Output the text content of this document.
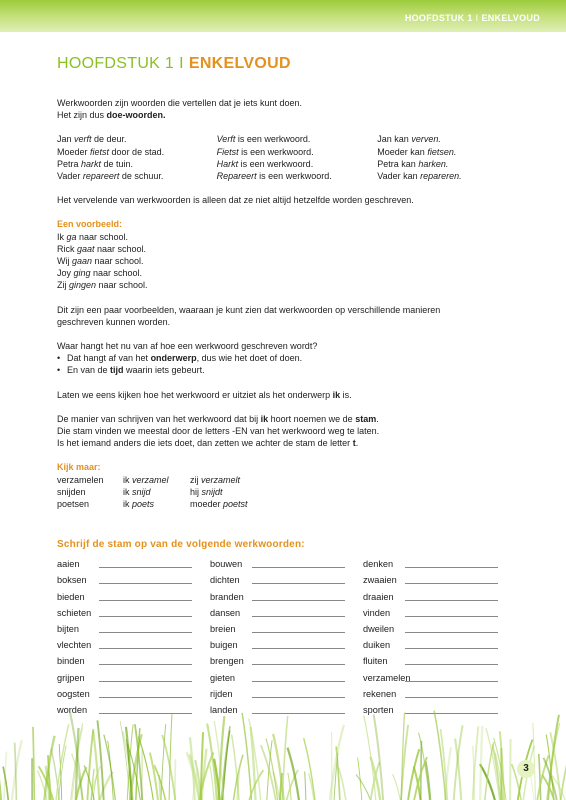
HOOFDSTUK 1 I ENKELVOUD
HOOFDSTUK 1 I ENKELVOUD

Werkwoorden zijn woorden die vertellen dat je iets kunt doen.

Het zijn dus doe-woorden.

Jan verft de deur.	Verft is een werkwoord.	Jan kan verven.
Moeder fietst door de stad.	Fietst is een werkwoord.	Moeder kan fietsen.
Petra harkt de tuin.	Harkt is een werkwoord.	Petra kan harken.
Vader repareert de schuur.	Repareert is een werkwoord.	Vader kan repareren.

Het vervelende van werkwoorden is alleen dat ze niet altijd hetzelfde worden geschreven.

Een voorbeeld:

Ik ga naar school.

Rick gaat naar school.

Wij gaan naar school.

Joy ging naar school.

Zij gingen naar school.

Dit zijn een paar voorbeelden, waaraan je kunt zien dat werkwoorden op verschillende manieren

geschreven kunnen worden.

Waar hangt het nu van af hoe een werkwoord geschreven wordt?

• Dat hangt af van het onderwerp, dus wie het doet of doen.
• En van de tijd waarin iets gebeurt.

Laten we eens kijken hoe het werkwoord er uitziet als het onderwerp ik is.

De manier van schrijven van het werkwoord dat bij ik hoort noemen we de stam.

Die stam vinden we meestal door de letters -EN van het werkwoord weg te laten.

Is het iemand anders die iets doet, dan zetten we achter de stam de letter t.

Kijk maar:

verzamelen	ik verzamel	zij verzamelt
snijden	ik snijd	hij snijdt
poetsen	ik poets	moeder poetst
Schrijf de stam op van de volgende werkwoorden:
aaien	bouwen	denken
boksen	dichten	zwaaien
bieden	branden	draaien
schieten	dansen	vinden
bijten	breien	dweilen
vlechten	buigen	duiken
binden	brengen	fluiten
grijpen	gieten	verzamelen
oogsten	rijden	rekenen
worden	landen	sporten
3
